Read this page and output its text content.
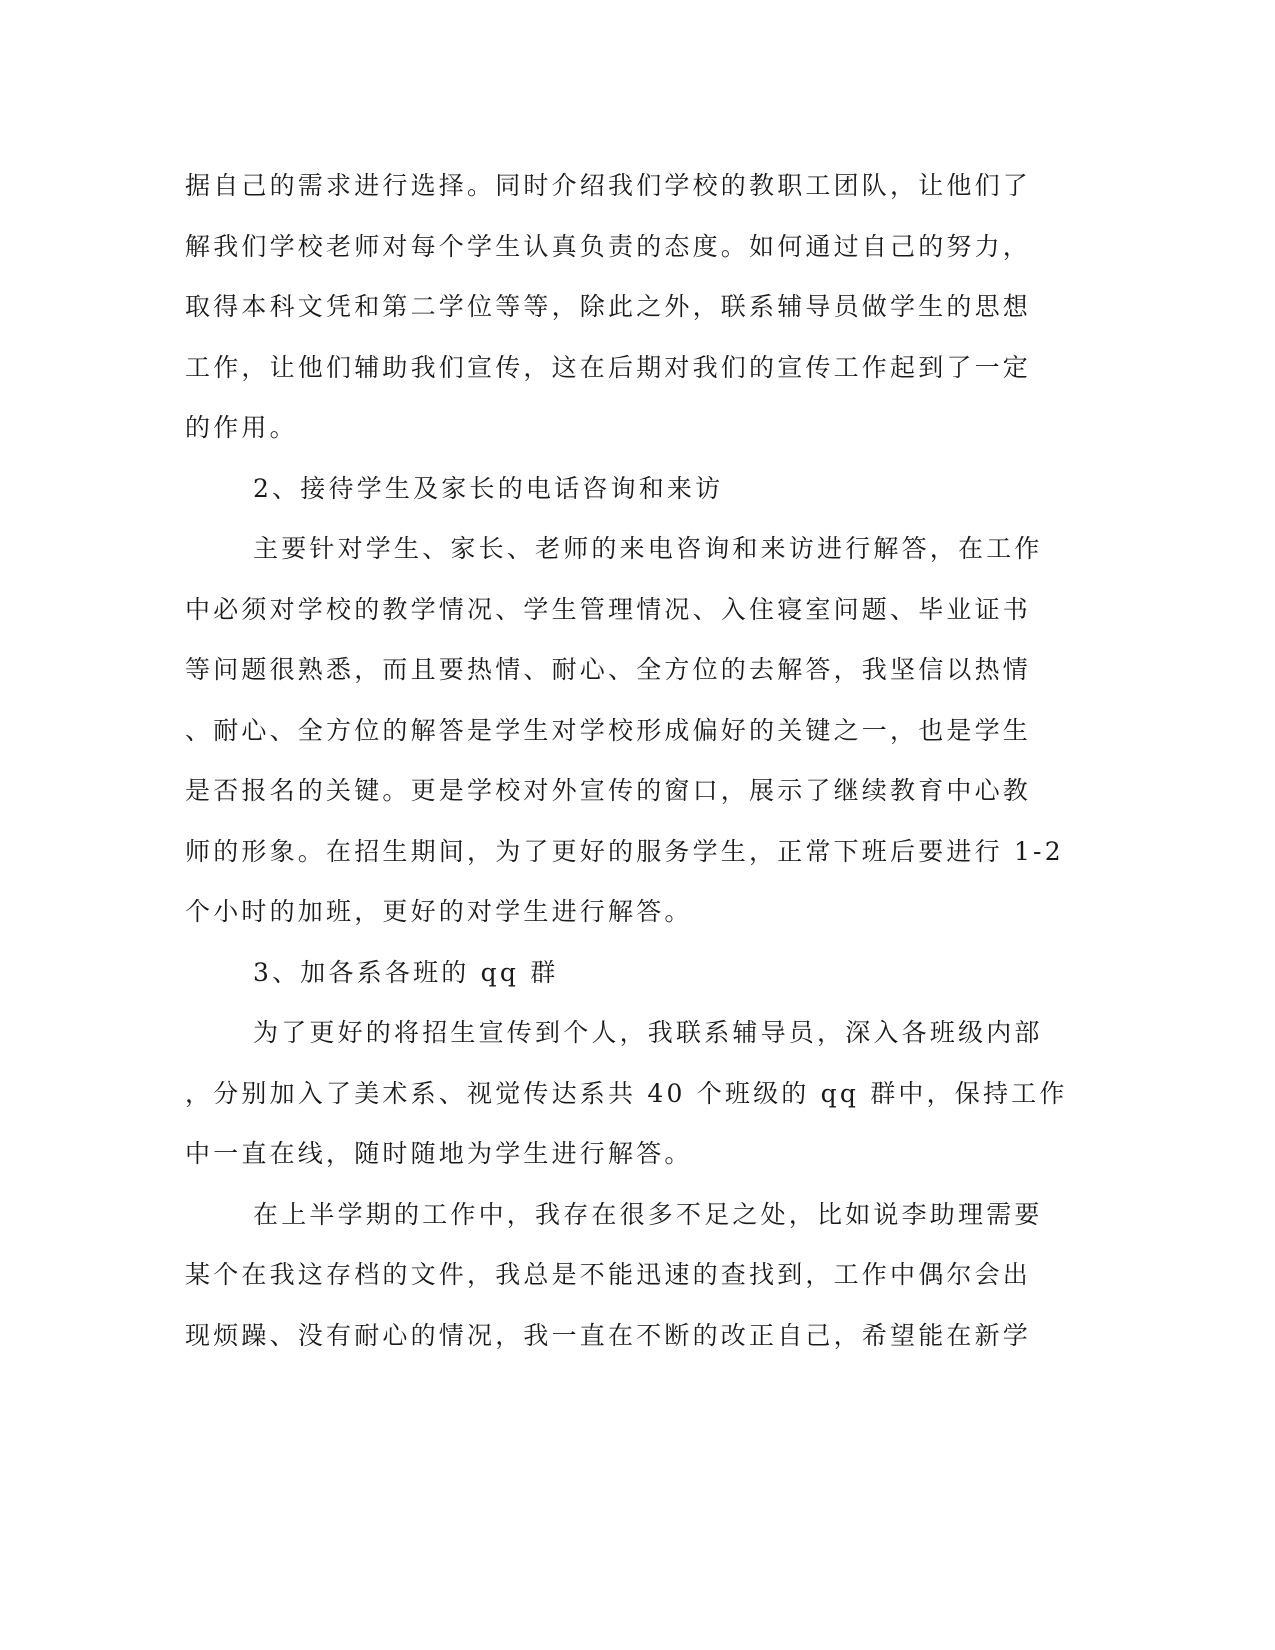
据自己的需求进行选择。同时介绍我们学校的教职工团队，让他们了
解我们学校老师对每个学生认真负责的态度。如何通过自己的努力，
取得本科文凭和第二学位等等，除此之外，联系辅导员做学生的思想
工作，让他们辅助我们宣传，这在后期对我们的宣传工作起到了一定
的作用。
2、接待学生及家长的电话咨询和来访
主要针对学生、家长、老师的来电咨询和来访进行解答，在工作
中必须对学校的教学情况、学生管理情况、入住寝室问题、毕业证书
等问题很熟悉，而且要热情、耐心、全方位的去解答，我坚信以热情
、耐心、全方位的解答是学生对学校形成偏好的关键之一，也是学生
是否报名的关键。更是学校对外宣传的窗口，展示了继续教育中心教
师的形象。在招生期间，为了更好的服务学生，正常下班后要进行 1-2
个小时的加班，更好的对学生进行解答。
3、加各系各班的 qq 群
为了更好的将招生宣传到个人，我联系辅导员，深入各班级内部
，分别加入了美术系、视觉传达系共 40 个班级的 qq 群中，保持工作
中一直在线，随时随地为学生进行解答。
在上半学期的工作中，我存在很多不足之处，比如说李助理需要
某个在我这存档的文件，我总是不能迅速的查找到，工作中偶尔会出
现烦躁、没有耐心的情况，我一直在不断的改正自己，希望能在新学
